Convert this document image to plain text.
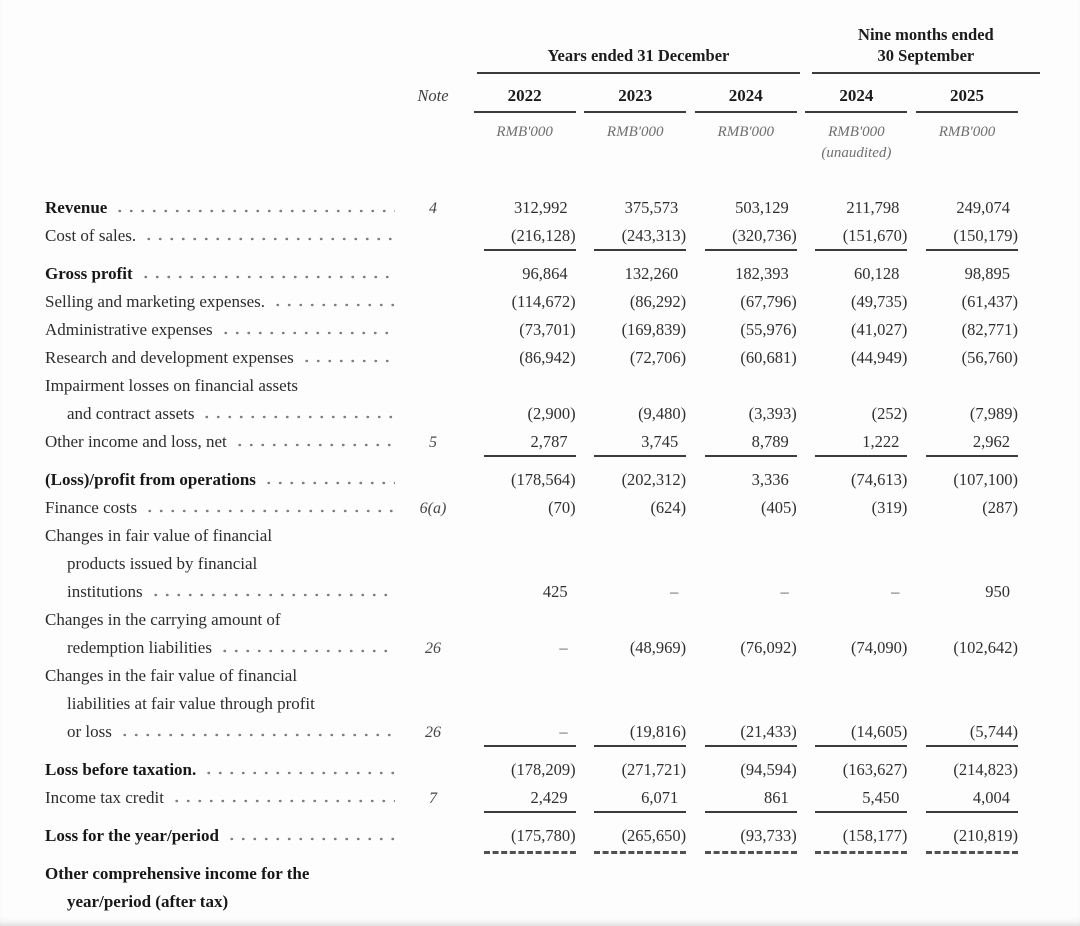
Years ended 31 December
Nine months ended
30 September
Note	2022	2023	2024	2024	2025
RMB'000	RMB'000	RMB'000	RMB'000	RMB'000
(unaudited)
Revenue	4	312,992	375,573	503,129	211,798	249,074
Cost of sales.	(216,128)	(243,313)	(320,736)	(151,670)	(150,179)
Gross profit	96,864	132,260	182,393	60,128	98,895
Selling and marketing expenses.	(114,672)	(86,292)	(67,796)	(49,735)	(61,437)
Administrative expenses	(73,701)	(169,839)	(55,976)	(41,027)	(82,771)
Research and development expenses	(86,942)	(72,706)	(60,681)	(44,949)	(56,760)
Impairment losses on financial assets
and contract assets	(2,900)	(9,480)	(3,393)	(252)	(7,989)
Other income and loss, net	5	2,787	3,745	8,789	1,222	2,962
(Loss)/profit from operations	(178,564)	(202,312)	3,336	(74,613)	(107,100)
Finance costs	6(a)	(70)	(624)	(405)	(319)	(287)
Changes in fair value of financial
products issued by financial
institutions	425	–	–	–	950
Changes in the carrying amount of
redemption liabilities	26	–	(48,969)	(76,092)	(74,090)	(102,642)
Changes in the fair value of financial
liabilities at fair value through profit
or loss	26	–	(19,816)	(21,433)	(14,605)	(5,744)
Loss before taxation.	(178,209)	(271,721)	(94,594)	(163,627)	(214,823)
Income tax credit	7	2,429	6,071	861	5,450	4,004
Loss for the year/period	(175,780)	(265,650)	(93,733)	(158,177)	(210,819)
Other comprehensive income for the
year/period (after tax)
